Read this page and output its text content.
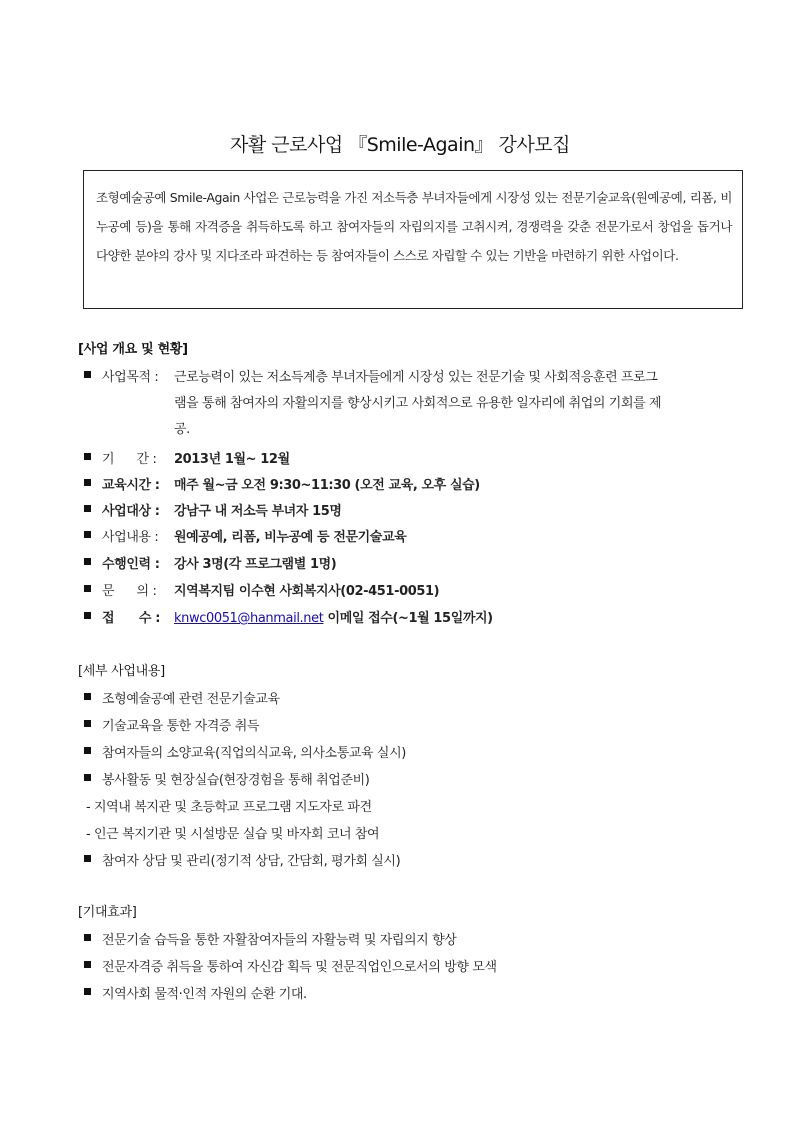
자활 근로사업 『Smile-Again』 강사모집
조형예술공예 Smile-Again 사업은 근로능력을 가진 저소득층 부녀자들에게 시장성 있는 전문기술교육(원예공예, 리폼, 비누공예 등)을 통해 자격증을 취득하도록 하고 참여자들의 자립의지를 고취시켜, 경쟁력을 갖춘 전문가로서 창업을 돕거나 다양한 분야의 강사 및 지다조라 파견하는 등 참여자들이 스스로 자립할 수 있는 기반을 마련하기 위한 사업이다.
[사업 개요 및 현황]
사업목적 : 근로능력이 있는 저소득계층 부녀자들에게 시장성 있는 전문기술 및 사회적응훈련 프로그
램을 통해 참여자의 자활의지를 향상시키고 사회적으로 유용한 일자리에 취업의 기회를 제
공.
기      간 : 2013년 1월~ 12월
교육시간 : 매주 월~금 오전 9:30~11:30 (오전 교육, 오후 실습)
사업대상 : 강남구 내 저소득 부녀자 15명
사업내용 : 원예공예, 리폼, 비누공예 등 전문기술교육
수행인력 : 강사 3명(각 프로그램별 1명)
문      의 : 지역복지팀 이수현 사회복지사(02-451-0051)
접      수 : knwc0051@hanmail.net 이메일 접수(~1월 15일까지)
[세부 사업내용]
조형예술공예 관련 전문기술교육
기술교육을 통한 자격증 취득
참여자들의 소양교육(직업의식교육, 의사소통교육 실시)
봉사활동 및 현장실습(현장경험을 통해 취업준비)
- 지역내 복지관 및 초등학교 프로그램 지도자로 파견
- 인근 복지기관 및 시설방문 실습 및 바자회 코너 참여
참여자 상담 및 관리(정기적 상담, 간담회, 평가회 실시)
[기대효과]
전문기술 습득을 통한 자활참여자들의 자활능력 및 자립의지 향상
전문자격증 취득을 통하여 자신감 획득 및 전문직업인으로서의 방향 모색
지역사회 물적·인적 자원의 순환 기대.
